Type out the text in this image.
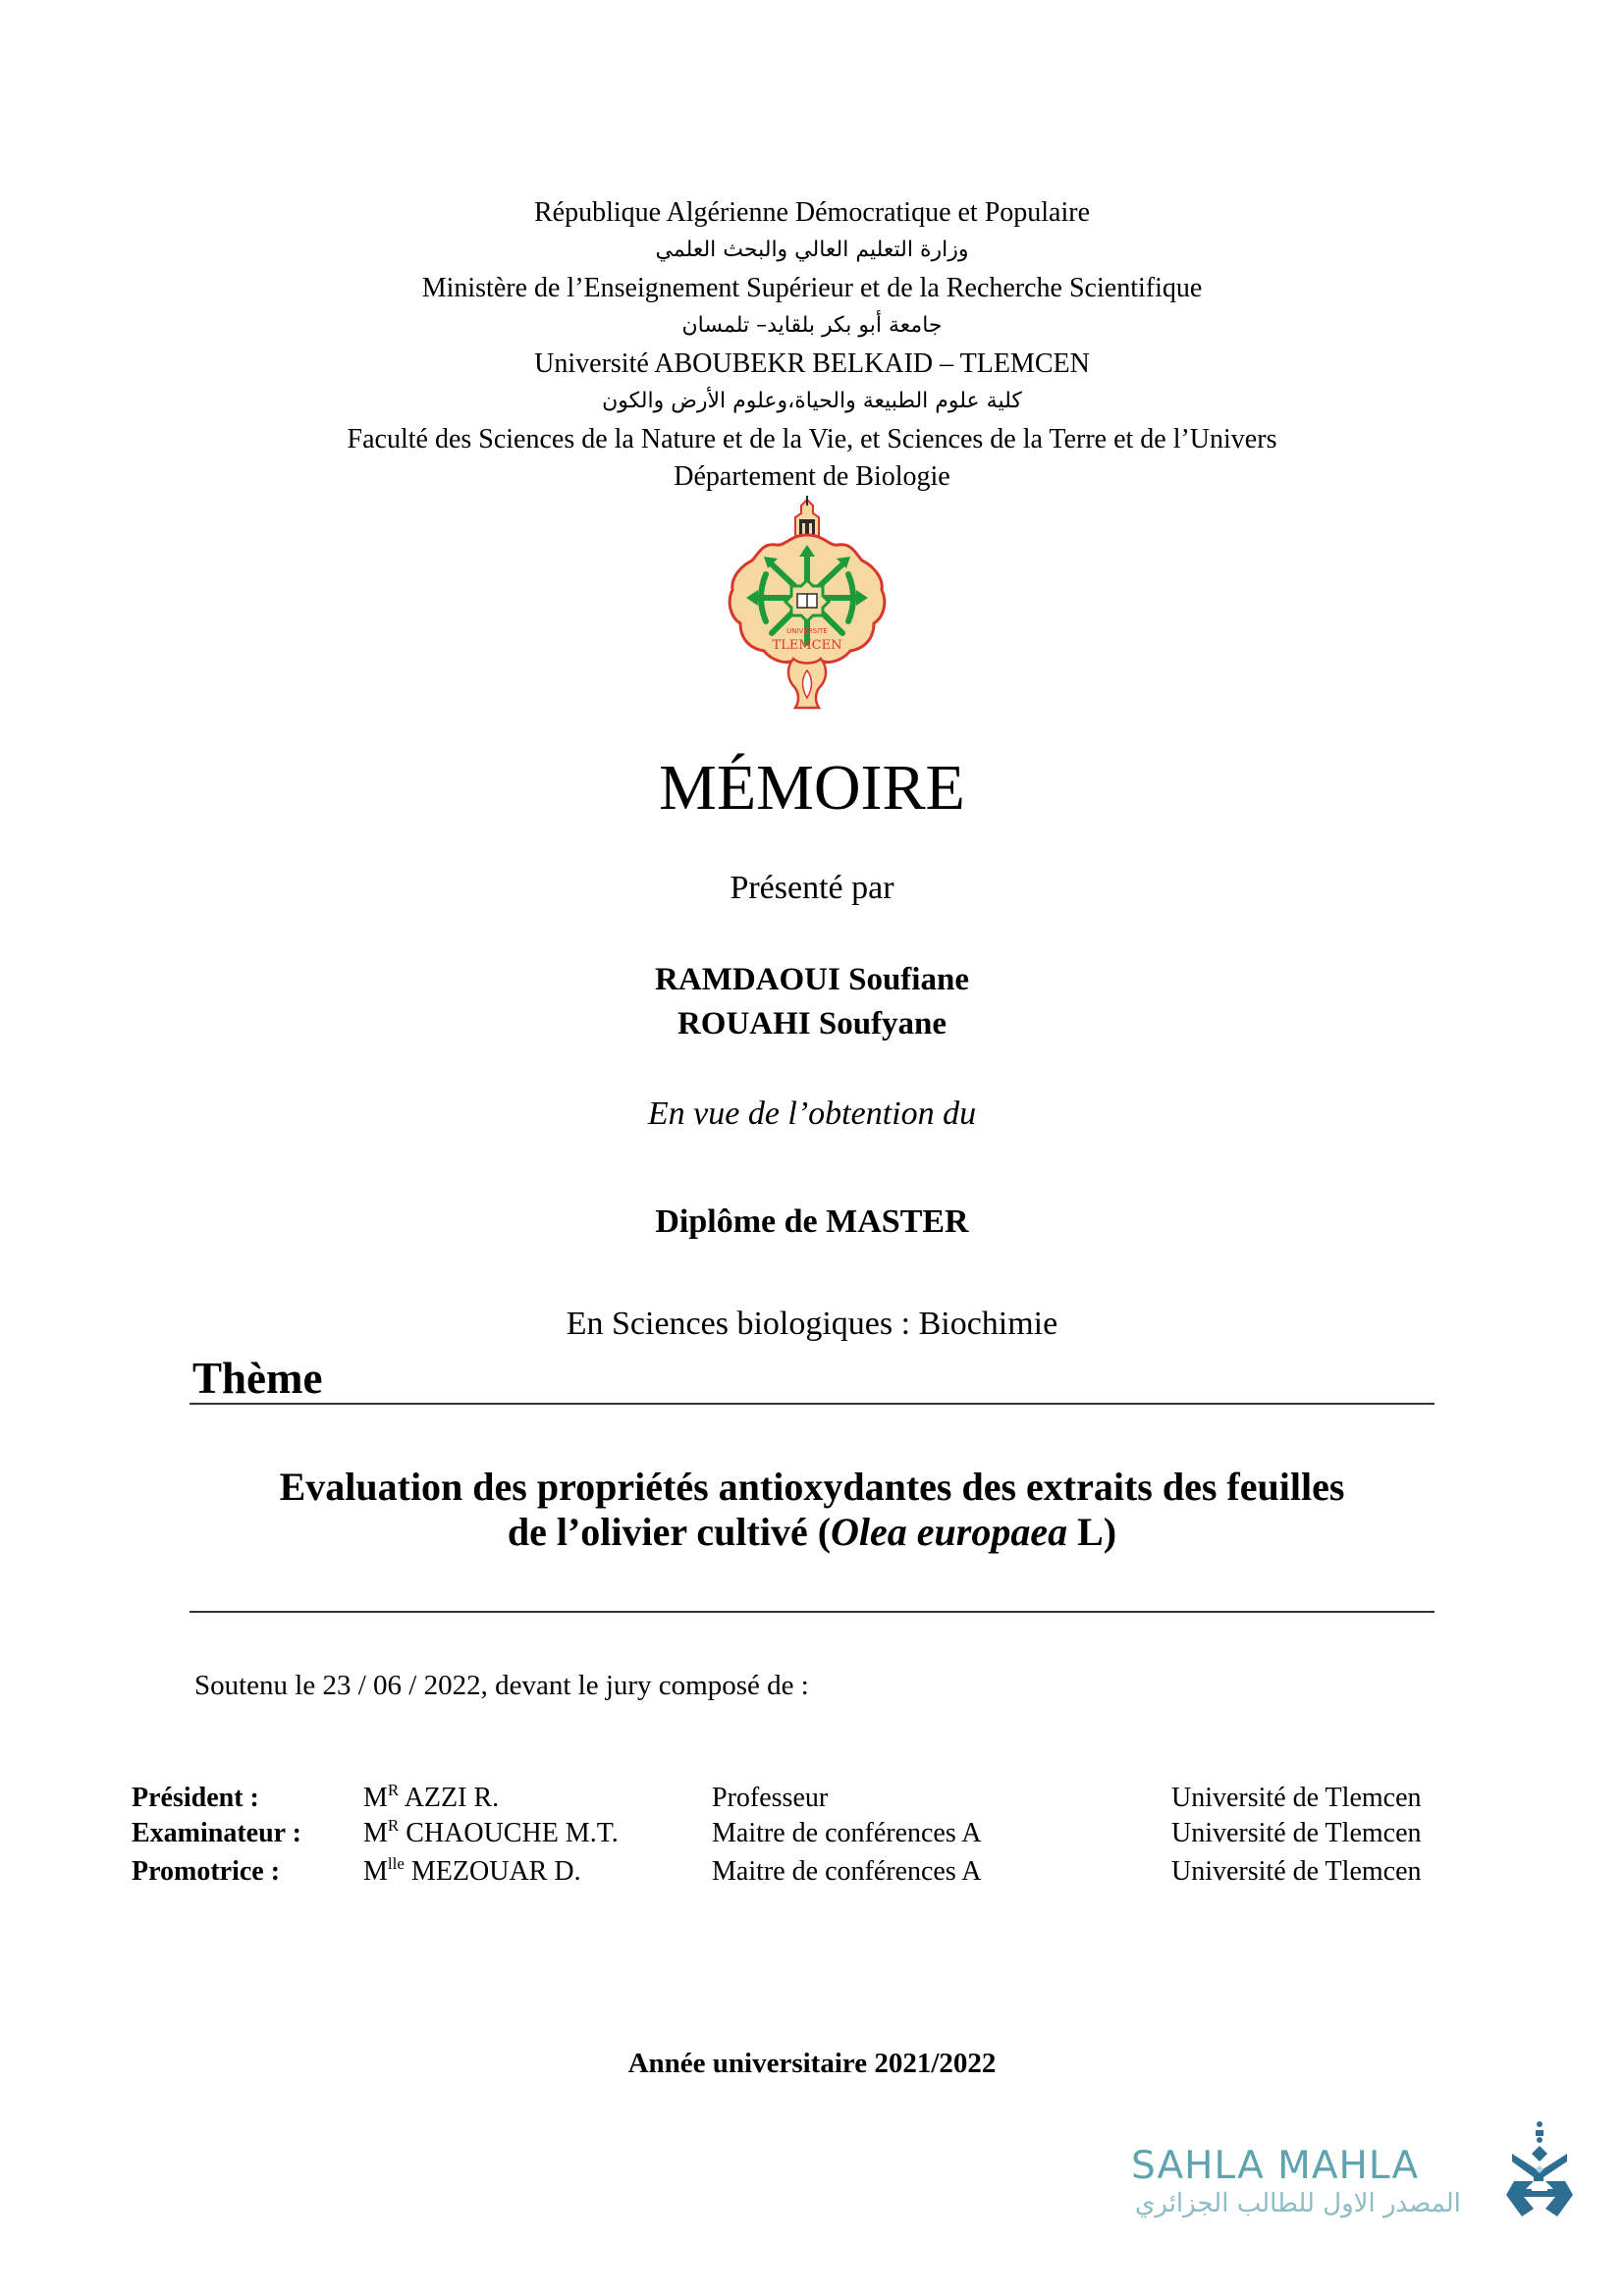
République Algérienne Démocratique et Populaire
وزارة التعليم العالي والبحث العلمي
Ministère de l’Enseignement Supérieur et de la Recherche Scientifique
جامعة أبو بكر بلقايد– تلمسان
Université ABOUBEKR BELKAID – TLEMCEN
كلية علوم الطبيعة والحياة،وعلوم الأرض والكون
Faculté des Sciences de la Nature et de la Vie, et Sciences de la Terre et de l’Univers
Département de Biologie
UNIVERSITE
TLEMCEN
MÉMOIRE
Présenté par
RAMDAOUI Soufiane
ROUAHI Soufyane
En vue de l’obtention du
Diplôme de MASTER
En Sciences biologiques : Biochimie
Thème
Evaluation des propriétés antioxydantes des extraits des feuilles
de l’olivier cultivé (Olea europaea L)
Soutenu le 23 / 06 / 2022, devant le jury composé de :
Président :	$M^R$ AZZI R.	Professeur	Université de Tlemcen
Examinateur : $M^R$ CHAOUCHE M.T.	Maitre de conférences A	Université de Tlemcen
Promotrice :	$M^{lle}$ MEZOUAR D.	Maitre de conférences A	Université de Tlemcen
Année universitaire 2021/2022
SAHLA MAHLA
المصدر الاول للطالب الجزائري
